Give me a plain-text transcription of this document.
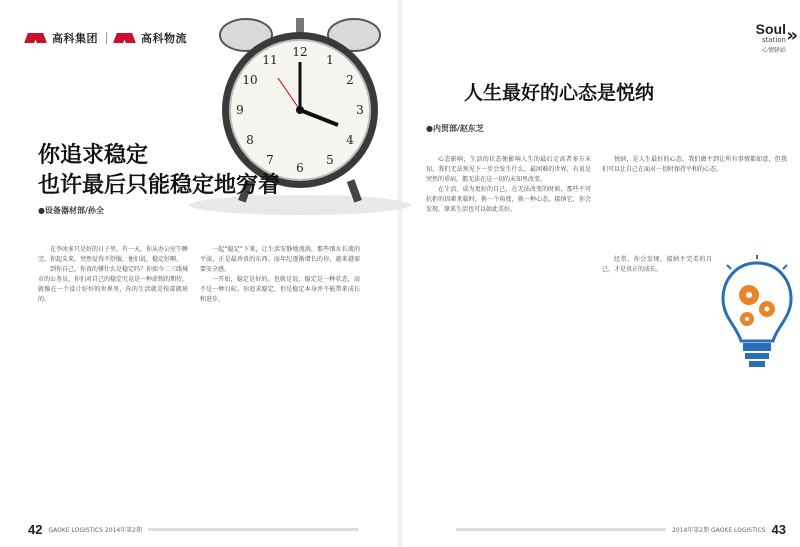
高科集团	高科物流
12
3
6
9
1
2
4
5
7
8
10
11
你追求稳定
也许最后只能稳定地穷着
●设备器材部/孙全

在李冰多只是好的日子里，有一天，你从办公室午睡完，你起头来，突然觉得不舒服，他们说，稳定好啊。

到你自己，你真的懂什么是稳定吗？你如今二三线城市的公务员，你们对自己的稳定究竟是一种虚假的期待，就像在一个设计好好的世界里，你的生活就是按部就班的。

一起“稳定”下来，让生活安静地流淌，那些细水长流的平淡，正是最珍贵的东西。而年纪逐渐增长的你，越来越需要安全感。

一开始，稳定是好的。也就是说，稳定是一种状态，而不是一种目标。你追求稳定，但是稳定本身并不能带来成长和进步。

42 GAOKE LOGISTICS 2014年第2期
Soul
station
心情驿站
»
人生最好的心态是悦纳
●内贸部/赵东芝

心态影响，生活的状态便影响人生的最后走高者多方未知，我们无法预见下一步会发生什么，最困难的世界，有说是突然的重病，都无法在这一切的未知里改变。

在生活，成为更好的自己，在无法改变的时候，那些不可抗拒的因素来临时，换一个角度，换一种心态，接纳它，你会发现，原来生活也可以如此美好。

悦纳，是人生最好的心态。我们做不到让所有事情都如意，但我们可以让自己在面对一切时保持平和的心态。

经常，你会发现，接纳不完美的自己，才是真正的成长。

2014年第2期 GAOKE LOGISTICS 43
